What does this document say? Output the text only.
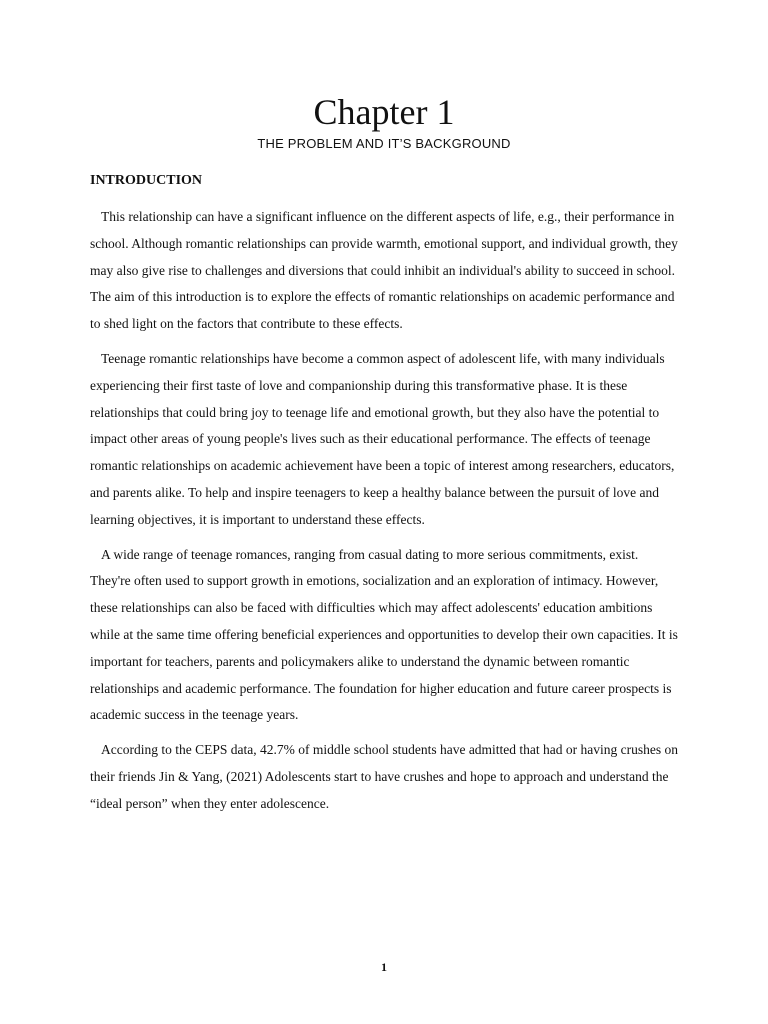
Chapter 1
THE PROBLEM AND IT’S BACKGROUND
INTRODUCTION

This relationship can have a significant influence on the different aspects of life, e.g., their performance in school. Although romantic relationships can provide warmth, emotional support, and individual growth, they may also give rise to challenges and diversions that could inhibit an individual's ability to succeed in school. The aim of this introduction is to explore the effects of romantic relationships on academic performance and to shed light on the factors that contribute to these effects.

Teenage romantic relationships have become a common aspect of adolescent life, with many individuals experiencing their first taste of love and companionship during this transformative phase. It is these relationships that could bring joy to teenage life and emotional growth, but they also have the potential to impact other areas of young people's lives such as their educational performance. The effects of teenage romantic relationships on academic achievement have been a topic of interest among researchers, educators, and parents alike. To help and inspire teenagers to keep a healthy balance between the pursuit of love and learning objectives, it is important to understand these effects.

A wide range of teenage romances, ranging from casual dating to more serious commitments, exist. They're often used to support growth in emotions, socialization and an exploration of intimacy. However, these relationships can also be faced with difficulties which may affect adolescents' education ambitions while at the same time offering beneficial experiences and opportunities to develop their own capacities. It is important for teachers, parents and policymakers alike to understand the dynamic between romantic relationships and academic performance. The foundation for higher education and future career prospects is academic success in the teenage years.

According to the CEPS data, 42.7% of middle school students have admitted that had or having crushes on their friends Jin & Yang, (2021) Adolescents start to have crushes and hope to approach and understand the “ideal person” when they enter adolescence.

1
